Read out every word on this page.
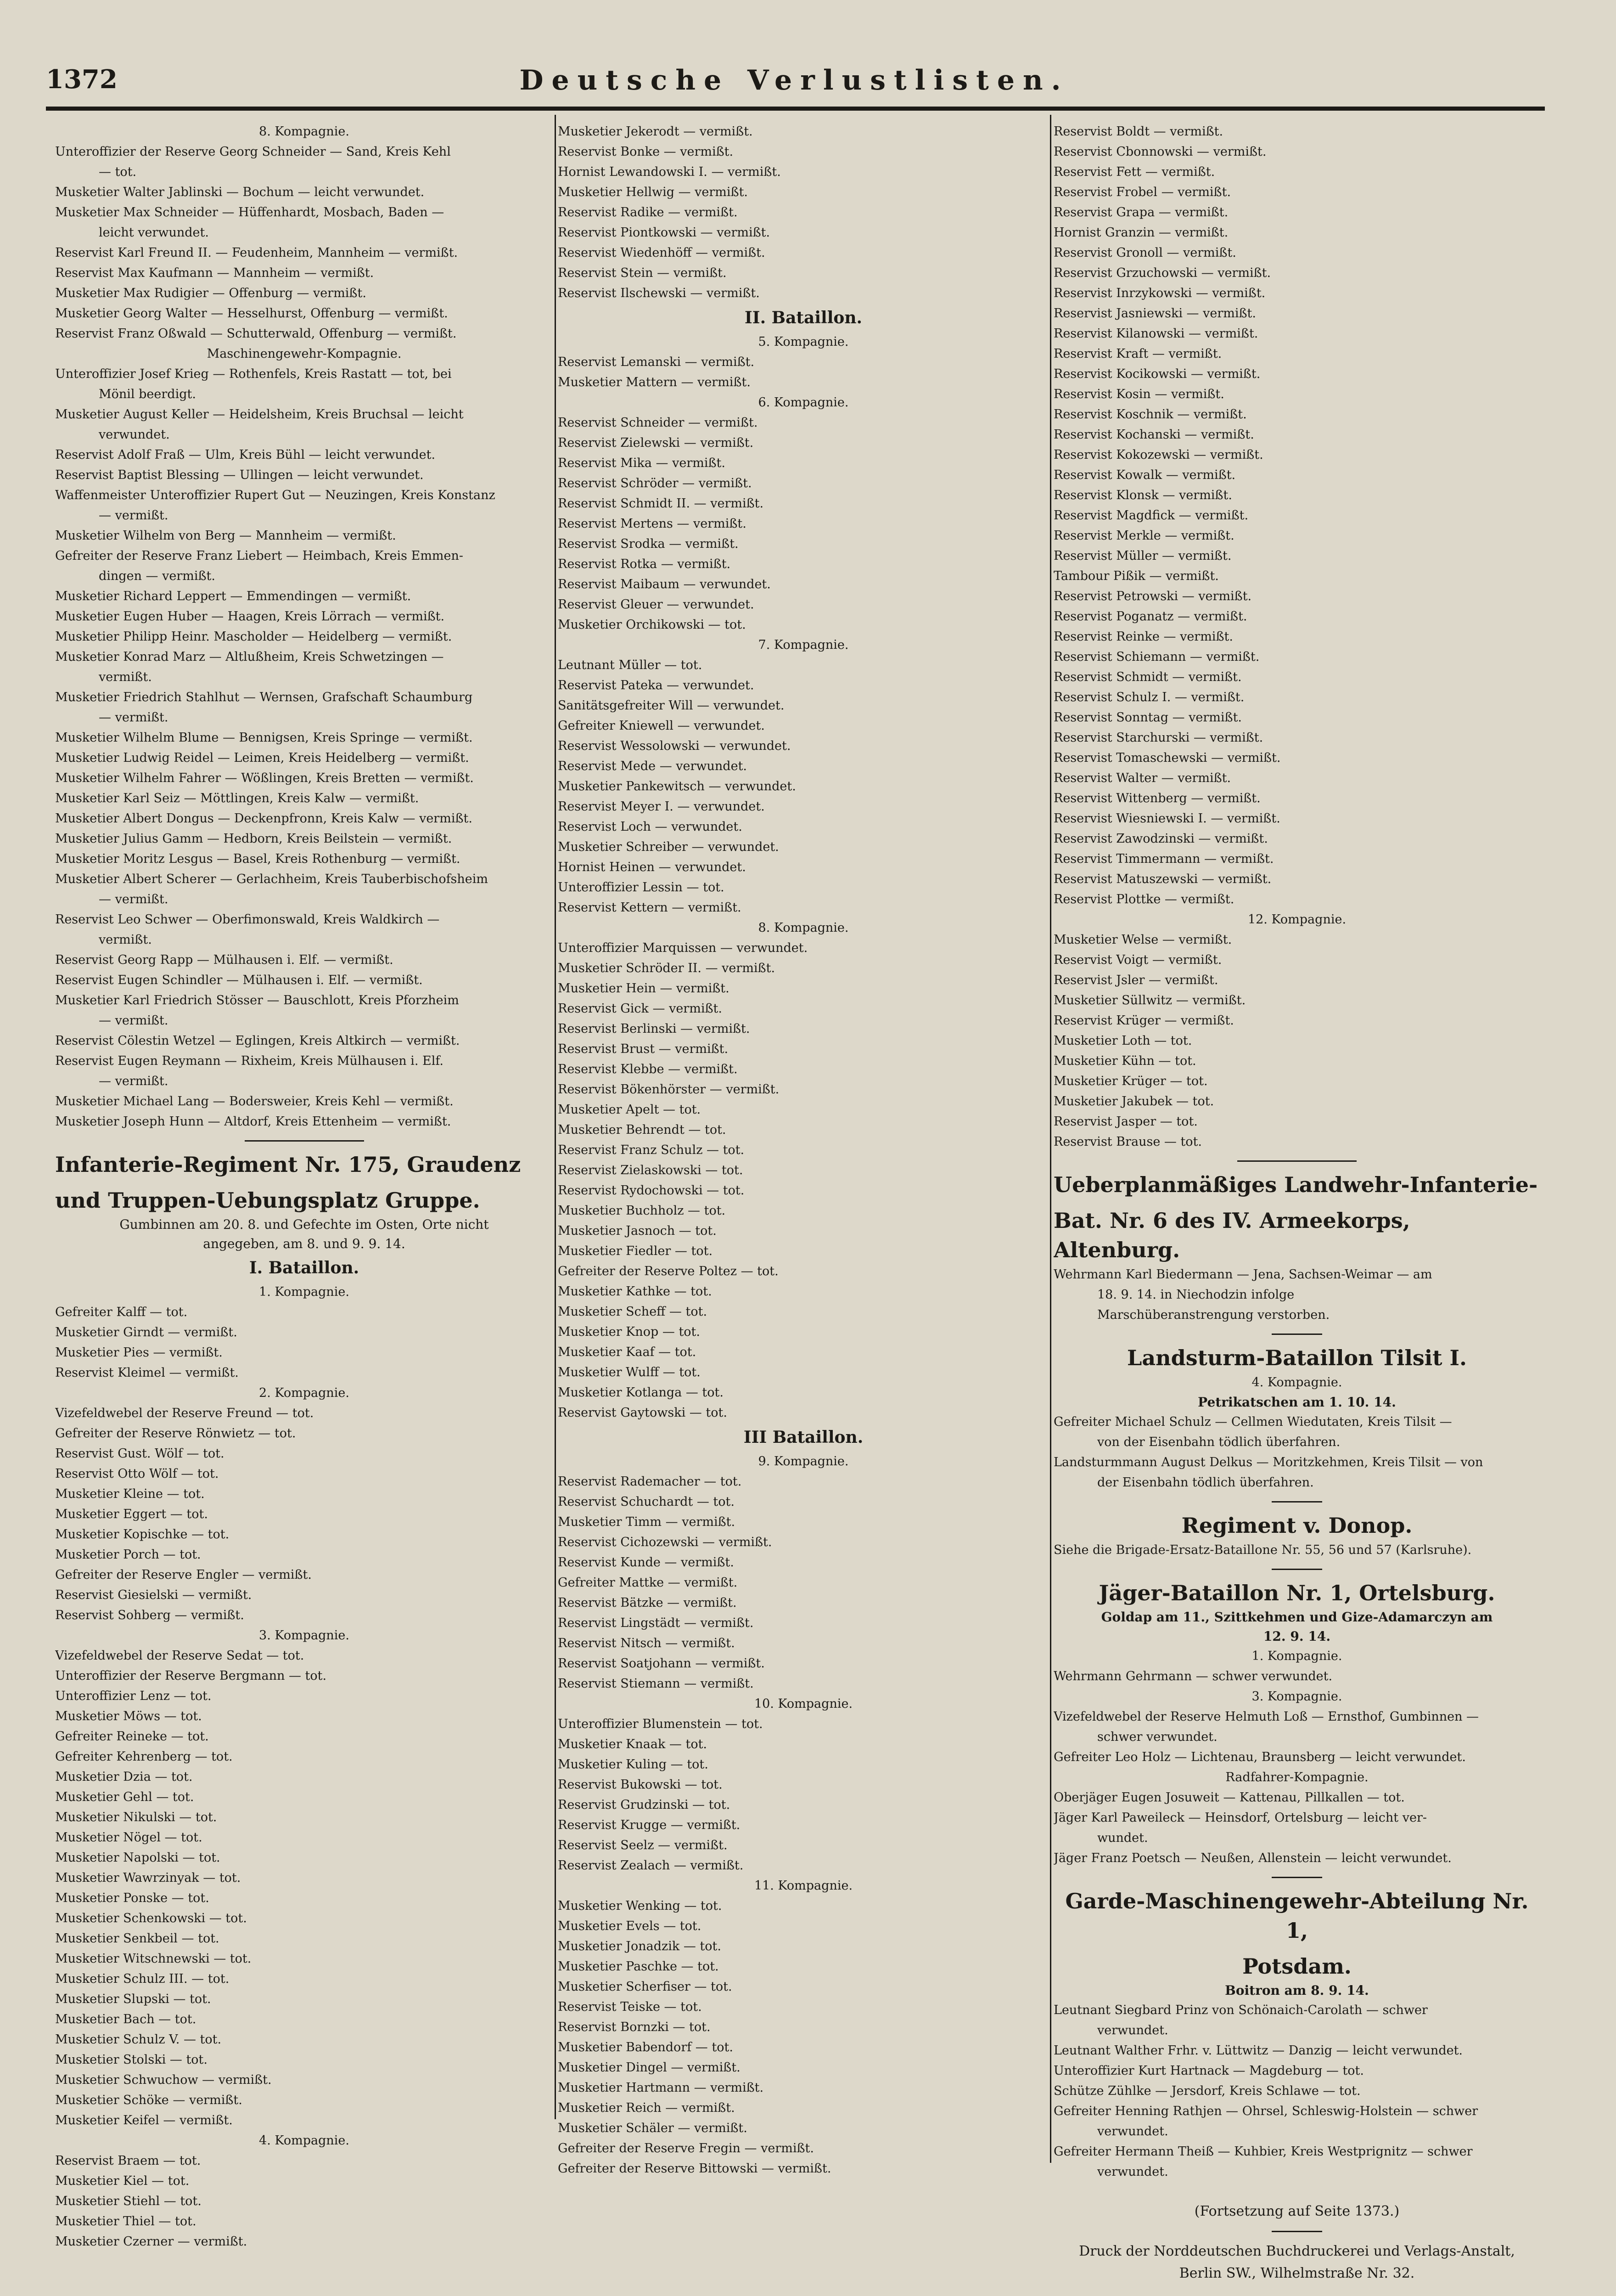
1372	Deutsche Verlustlisten.
8. Kompagnie.
Unteroffizier der Reserve Georg Schneider — Sand, Kreis Kehl
— tot.
Musketier Walter Jablinski — Bochum — leicht verwundet.
Musketier Max Schneider — Hüffenhardt, Mosbach, Baden —
leicht verwundet.
Reservist Karl Freund II. — Feudenheim, Mannheim — vermißt.
Reservist Max Kaufmann — Mannheim — vermißt.
Musketier Max Rudigier — Offenburg — vermißt.
Musketier Georg Walter — Hesselhurst, Offenburg — vermißt.
Reservist Franz Oßwald — Schutterwald, Offenburg — vermißt.
Maschinengewehr-Kompagnie.
Unteroffizier Josef Krieg — Rothenfels, Kreis Rastatt — tot, bei
Mönil beerdigt.
Musketier August Keller — Heidelsheim, Kreis Bruchsal — leicht
verwundet.
Reservist Adolf Fraß — Ulm, Kreis Bühl — leicht verwundet.
Reservist Baptist Blessing — Ullingen — leicht verwundet.
Waffenmeister Unteroffizier Rupert Gut — Neuzingen, Kreis Konstanz
— vermißt.
Musketier Wilhelm von Berg — Mannheim — vermißt.
Gefreiter der Reserve Franz Liebert — Heimbach, Kreis Emmen-
dingen — vermißt.
Musketier Richard Leppert — Emmendingen — vermißt.
Musketier Eugen Huber — Haagen, Kreis Lörrach — vermißt.
Musketier Philipp Heinr. Mascholder — Heidelberg — vermißt.
Musketier Konrad Marz — Altlußheim, Kreis Schwetzingen —
vermißt.
Musketier Friedrich Stahlhut — Wernsen, Grafschaft Schaumburg
— vermißt.
Musketier Wilhelm Blume — Bennigsen, Kreis Springe — vermißt.
Musketier Ludwig Reidel — Leimen, Kreis Heidelberg — vermißt.
Musketier Wilhelm Fahrer — Wößlingen, Kreis Bretten — vermißt.
Musketier Karl Seiz — Möttlingen, Kreis Kalw — vermißt.
Musketier Albert Dongus — Deckenpfronn, Kreis Kalw — vermißt.
Musketier Julius Gamm — Hedborn, Kreis Beilstein — vermißt.
Musketier Moritz Lesgus — Basel, Kreis Rothenburg — vermißt.
Musketier Albert Scherer — Gerlachheim, Kreis Tauberbischofsheim
— vermißt.
Reservist Leo Schwer — Oberfimonswald, Kreis Waldkirch —
vermißt.
Reservist Georg Rapp — Mülhausen i. Elf. — vermißt.
Reservist Eugen Schindler — Mülhausen i. Elf. — vermißt.
Musketier Karl Friedrich Stösser — Bauschlott, Kreis Pforzheim
— vermißt.
Reservist Cölestin Wetzel — Eglingen, Kreis Altkirch — vermißt.
Reservist Eugen Reymann — Rixheim, Kreis Mülhausen i. Elf.
— vermißt.
Musketier Michael Lang — Bodersweier, Kreis Kehl — vermißt.
Musketier Joseph Hunn — Altdorf, Kreis Ettenheim — vermißt.
Infanterie-Regiment Nr. 175, Graudenz
und Truppen-Uebungsplatz Gruppe.
Gumbinnen am 20. 8. und Gefechte im Osten, Orte nicht
angegeben, am 8. und 9. 9. 14.
I. Bataillon.
1. Kompagnie.
Gefreiter Kalff — tot.
Musketier Girndt — vermißt.
Musketier Pies — vermißt.
Reservist Kleimel — vermißt.
2. Kompagnie.
Vizefeldwebel der Reserve Freund — tot.
Gefreiter der Reserve Rönwietz — tot.
Reservist Gust. Wölf — tot.
Reservist Otto Wölf — tot.
Musketier Kleine — tot.
Musketier Eggert — tot.
Musketier Kopischke — tot.
Musketier Porch — tot.
Gefreiter der Reserve Engler — vermißt.
Reservist Giesielski — vermißt.
Reservist Sohberg — vermißt.
3. Kompagnie.
Vizefeldwebel der Reserve Sedat — tot.
Unteroffizier der Reserve Bergmann — tot.
Unteroffizier Lenz — tot.
Musketier Möws — tot.
Gefreiter Reineke — tot.
Gefreiter Kehrenberg — tot.
Musketier Dzia — tot.
Musketier Gehl — tot.
Musketier Nikulski — tot.
Musketier Nögel — tot.
Musketier Napolski — tot.
Musketier Wawrzinyak — tot.
Musketier Ponske — tot.
Musketier Schenkowski — tot.
Musketier Senkbeil — tot.
Musketier Witschnewski — tot.
Musketier Schulz III. — tot.
Musketier Slupski — tot.
Musketier Bach — tot.
Musketier Schulz V. — tot.
Musketier Stolski — tot.
Musketier Schwuchow — vermißt.
Musketier Schöke — vermißt.
Musketier Keifel — vermißt.
4. Kompagnie.
Reservist Braem — tot.
Musketier Kiel — tot.
Musketier Stiehl — tot.
Musketier Thiel — tot.
Musketier Czerner — vermißt.
Musketier Jekerodt — vermißt.
Reservist Bonke — vermißt.
Hornist Lewandowski I. — vermißt.
Musketier Hellwig — vermißt.
Reservist Radike — vermißt.
Reservist Piontkowski — vermißt.
Reservist Wiedenhöff — vermißt.
Reservist Stein — vermißt.
Reservist Ilschewski — vermißt.
II. Bataillon.
5. Kompagnie.
Reservist Lemanski — vermißt.
Musketier Mattern — vermißt.
6. Kompagnie.
Reservist Schneider — vermißt.
Reservist Zielewski — vermißt.
Reservist Mika — vermißt.
Reservist Schröder — vermißt.
Reservist Schmidt II. — vermißt.
Reservist Mertens — vermißt.
Reservist Srodka — vermißt.
Reservist Rotka — vermißt.
Reservist Maibaum — verwundet.
Reservist Gleuer — verwundet.
Musketier Orchikowski — tot.
7. Kompagnie.
Leutnant Müller — tot.
Reservist Pateka — verwundet.
Sanitätsgefreiter Will — verwundet.
Gefreiter Kniewell — verwundet.
Reservist Wessolowski — verwundet.
Reservist Mede — verwundet.
Musketier Pankewitsch — verwundet.
Reservist Meyer I. — verwundet.
Reservist Loch — verwundet.
Musketier Schreiber — verwundet.
Hornist Heinen — verwundet.
Unteroffizier Lessin — tot.
Reservist Kettern — vermißt.
8. Kompagnie.
Unteroffizier Marquissen — verwundet.
Musketier Schröder II. — vermißt.
Musketier Hein — vermißt.
Reservist Gick — vermißt.
Reservist Berlinski — vermißt.
Reservist Brust — vermißt.
Reservist Klebbe — vermißt.
Reservist Bökenhörster — vermißt.
Musketier Apelt — tot.
Musketier Behrendt — tot.
Reservist Franz Schulz — tot.
Reservist Zielaskowski — tot.
Reservist Rydochowski — tot.
Musketier Buchholz — tot.
Musketier Jasnoch — tot.
Musketier Fiedler — tot.
Gefreiter der Reserve Poltez — tot.
Musketier Kathke — tot.
Musketier Scheff — tot.
Musketier Knop — tot.
Musketier Kaaf — tot.
Musketier Wulff — tot.
Musketier Kotlanga — tot.
Reservist Gaytowski — tot.
III Bataillon.
9. Kompagnie.
Reservist Rademacher — tot.
Reservist Schuchardt — tot.
Musketier Timm — vermißt.
Reservist Cichozewski — vermißt.
Reservist Kunde — vermißt.
Gefreiter Mattke — vermißt.
Reservist Bätzke — vermißt.
Reservist Lingstädt — vermißt.
Reservist Nitsch — vermißt.
Reservist Soatjohann — vermißt.
Reservist Stiemann — vermißt.
10. Kompagnie.
Unteroffizier Blumenstein — tot.
Musketier Knaak — tot.
Musketier Kuling — tot.
Reservist Bukowski — tot.
Reservist Grudzinski — tot.
Reservist Krugge — vermißt.
Reservist Seelz — vermißt.
Reservist Zealach — vermißt.
11. Kompagnie.
Musketier Wenking — tot.
Musketier Evels — tot.
Musketier Jonadzik — tot.
Musketier Paschke — tot.
Musketier Scherfiser — tot.
Reservist Teiske — tot.
Reservist Bornzki — tot.
Musketier Babendorf — tot.
Musketier Dingel — vermißt.
Musketier Hartmann — vermißt.
Musketier Reich — vermißt.
Musketier Schäler — vermißt.
Gefreiter der Reserve Fregin — vermißt.
Gefreiter der Reserve Bittowski — vermißt.
Reservist Boldt — vermißt.
Reservist Cbonnowski — vermißt.
Reservist Fett — vermißt.
Reservist Frobel — vermißt.
Reservist Grapa — vermißt.
Hornist Granzin — vermißt.
Reservist Gronoll — vermißt.
Reservist Grzuchowski — vermißt.
Reservist Inrzykowski — vermißt.
Reservist Jasniewski — vermißt.
Reservist Kilanowski — vermißt.
Reservist Kraft — vermißt.
Reservist Kocikowski — vermißt.
Reservist Kosin — vermißt.
Reservist Koschnik — vermißt.
Reservist Kochanski — vermißt.
Reservist Kokozewski — vermißt.
Reservist Kowalk — vermißt.
Reservist Klonsk — vermißt.
Reservist Magdfick — vermißt.
Reservist Merkle — vermißt.
Reservist Müller — vermißt.
Tambour Pißik — vermißt.
Reservist Petrowski — vermißt.
Reservist Poganatz — vermißt.
Reservist Reinke — vermißt.
Reservist Schiemann — vermißt.
Reservist Schmidt — vermißt.
Reservist Schulz I. — vermißt.
Reservist Sonntag — vermißt.
Reservist Starchurski — vermißt.
Reservist Tomaschewski — vermißt.
Reservist Walter — vermißt.
Reservist Wittenberg — vermißt.
Reservist Wiesniewski I. — vermißt.
Reservist Zawodzinski — vermißt.
Reservist Timmermann — vermißt.
Reservist Matuszewski — vermißt.
Reservist Plottke — vermißt.
12. Kompagnie.
Musketier Welse — vermißt.
Reservist Voigt — vermißt.
Reservist Jsler — vermißt.
Musketier Süllwitz — vermißt.
Reservist Krüger — vermißt.
Musketier Loth — tot.
Musketier Kühn — tot.
Musketier Krüger — tot.
Musketier Jakubek — tot.
Reservist Jasper — tot.
Reservist Brause — tot.
Ueberplanmäßiges Landwehr-Infanterie-
Bat. Nr. 6 des IV. Armeekorps, Altenburg.
Wehrmann Karl Biedermann — Jena, Sachsen-Weimar — am
18. 9. 14. in Niechodzin infolge
Marschüberanstrengung verstorben.
Landsturm-Bataillon Tilsit I.
4. Kompagnie.
Petrikatschen am 1. 10. 14.
Gefreiter Michael Schulz — Cellmen Wiedutaten, Kreis Tilsit —
von der Eisenbahn tödlich überfahren.
Landsturmmann August Delkus — Moritzkehmen, Kreis Tilsit — von
der Eisenbahn tödlich überfahren.
Regiment v. Donop.
Siehe die Brigade-Ersatz-Bataillone Nr. 55, 56 und 57 (Karlsruhe).
Jäger-Bataillon Nr. 1, Ortelsburg.
Goldap am 11., Szittkehmen und Gize-Adamarczyn am
12. 9. 14.
1. Kompagnie.
Wehrmann Gehrmann — schwer verwundet.
3. Kompagnie.
Vizefeldwebel der Reserve Helmuth Loß — Ernsthof, Gumbinnen —
schwer verwundet.
Gefreiter Leo Holz — Lichtenau, Braunsberg — leicht verwundet.
Radfahrer-Kompagnie.
Oberjäger Eugen Josuweit — Kattenau, Pillkallen — tot.
Jäger Karl Paweileck — Heinsdorf, Ortelsburg — leicht ver-
wundet.
Jäger Franz Poetsch — Neußen, Allenstein — leicht verwundet.
Garde-Maschinengewehr-Abteilung Nr. 1,
Potsdam.
Boitron am 8. 9. 14.
Leutnant Siegbard Prinz von Schönaich-Carolath — schwer
verwundet.
Leutnant Walther Frhr. v. Lüttwitz — Danzig — leicht verwundet.
Unteroffizier Kurt Hartnack — Magdeburg — tot.
Schütze Zühlke — Jersdorf, Kreis Schlawe — tot.
Gefreiter Henning Rathjen — Ohrsel, Schleswig-Holstein — schwer
verwundet.
Gefreiter Hermann Theiß — Kuhbier, Kreis Westprignitz — schwer
verwundet.
(Fortsetzung auf Seite 1373.)
Druck der Norddeutschen Buchdruckerei und Verlags-Anstalt,
Berlin SW., Wilhelmstraße Nr. 32.
